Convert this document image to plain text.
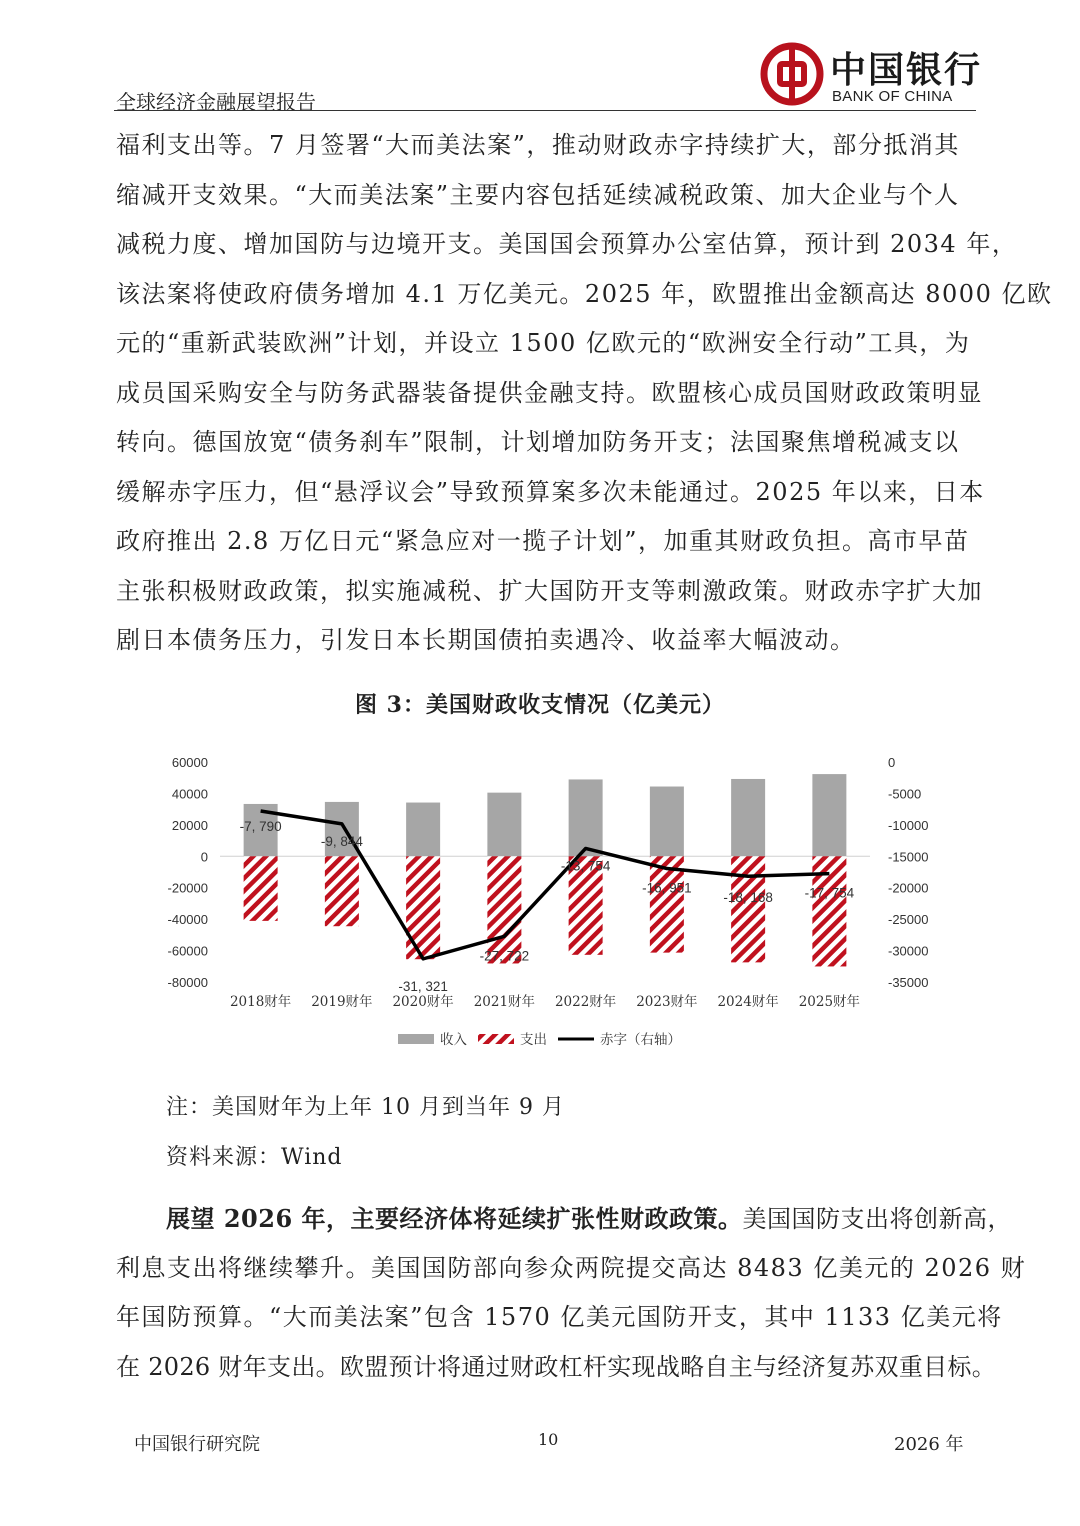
全球经济金融展望报告
中国银行
BANK OF CHINA
福利支出等。7 月签署“大而美法案”，推动财政赤字持续扩大，部分抵消其
缩减开支效果。“大而美法案”主要内容包括延续减税政策、加大企业与个人
减税力度、增加国防与边境开支。美国国会预算办公室估算，预计到 2034 年，
该法案将使政府债务增加 4.1 万亿美元。2025 年，欧盟推出金额高达 8000 亿欧
元的“重新武装欧洲”计划，并设立 1500 亿欧元的“欧洲安全行动”工具，为
成员国采购安全与防务武器装备提供金融支持。欧盟核心成员国财政政策明显
转向。德国放宽“债务刹车”限制，计划增加防务开支；法国聚焦增税减支以
缓解赤字压力，但“悬浮议会”导致预算案多次未能通过。2025 年以来，日本
政府推出 2.8 万亿日元“紧急应对一揽子计划”，加重其财政负担。高市早苗
主张积极财政政策，拟实施减税、扩大国防开支等刺激政策。财政赤字扩大加
剧日本债务压力，引发日本长期国债拍卖遇冷、收益率大幅波动。
图 3：美国财政收支情况（亿美元）
60000
40000
20000
0
-20000
-40000
-60000
-80000
0
-5000
-10000
-15000
-20000
-25000
-30000
-35000
-7, 790
-9, 844
-31, 321
-27, 722
-13, 754
-16, 951
-18, 168 -17, 754
2018财年 2019财年 2020财年 2021财年 2022财年 2023财年 2024财年 2025财年
收入	支出	赤字（右轴）
注：美国财年为上年 10 月到当年 9 月
资料来源：Wind
展望 2026 年，主要经济体将延续扩张性财政政策。美国国防支出将创新高，
利息支出将继续攀升。美国国防部向参众两院提交高达 8483 亿美元的 2026 财
年国防预算。“大而美法案”包含 1570 亿美元国防开支，其中 1133 亿美元将
在 2026 财年支出。欧盟预计将通过财政杠杆实现战略自主与经济复苏双重目标。
中国银行研究院	10	2026 年
